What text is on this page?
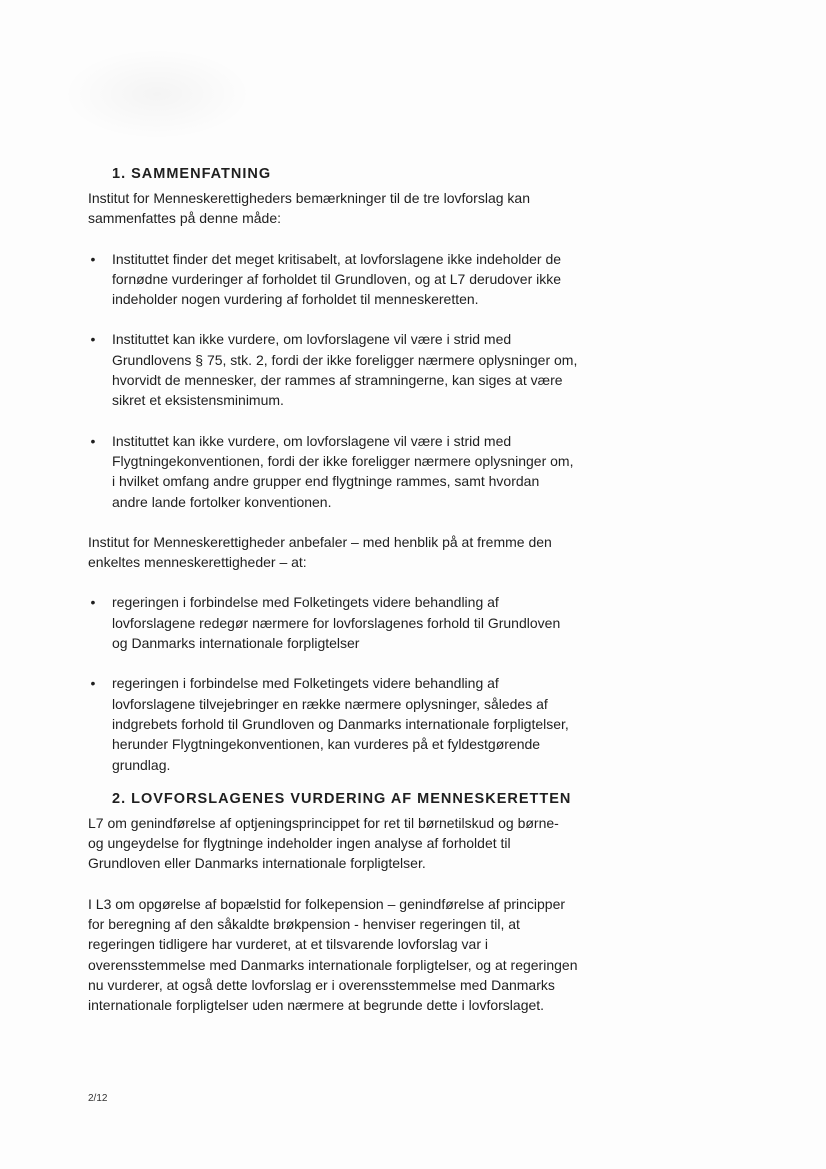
1. SAMMENFATNING

Institut for Menneskerettigheders bemærkninger til de tre lovforslag kan sammenfattes på denne måde:

• Instituttet finder det meget kritisabelt, at lovforslagene ikke indeholder de fornødne vurderinger af forholdet til Grundloven, og at L7 derudover ikke indeholder nogen vurdering af forholdet til menneskeretten.
• Instituttet kan ikke vurdere, om lovforslagene vil være i strid med Grundlovens § 75, stk. 2, fordi der ikke foreligger nærmere oplysninger om, hvorvidt de mennesker, der rammes af stramningerne, kan siges at være sikret et eksistensminimum.
• Instituttet kan ikke vurdere, om lovforslagene vil være i strid med Flygtningekonventionen, fordi der ikke foreligger nærmere oplysninger om, i hvilket omfang andre grupper end flygtninge rammes, samt hvordan andre lande fortolker konventionen.

Institut for Menneskerettigheder anbefaler – med henblik på at fremme den enkeltes menneskerettigheder – at:

• regeringen i forbindelse med Folketingets videre behandling af lovforslagene redegør nærmere for lovforslagenes forhold til Grundloven og Danmarks internationale forpligtelser
• regeringen i forbindelse med Folketingets videre behandling af lovforslagene tilvejebringer en række nærmere oplysninger, således af indgrebets forhold til Grundloven og Danmarks internationale forpligtelser, herunder Flygtningekonventionen, kan vurderes på et fyldestgørende grundlag.
2. LOVFORSLAGENES VURDERING AF MENNESKERETTEN

L7 om genindførelse af optjeningsprincippet for ret til børnetilskud og børne- og ungeydelse for flygtninge indeholder ingen analyse af forholdet til Grundloven eller Danmarks internationale forpligtelser.

I L3 om opgørelse af bopælstid for folkepension – genindførelse af principper for beregning af den såkaldte brøkpension - henviser regeringen til, at regeringen tidligere har vurderet, at et tilsvarende lovforslag var i overensstemmelse med Danmarks internationale forpligtelser, og at regeringen nu vurderer, at også dette lovforslag er i overensstemmelse med Danmarks internationale forpligtelser uden nærmere at begrunde dette i lovforslaget.

2/12
